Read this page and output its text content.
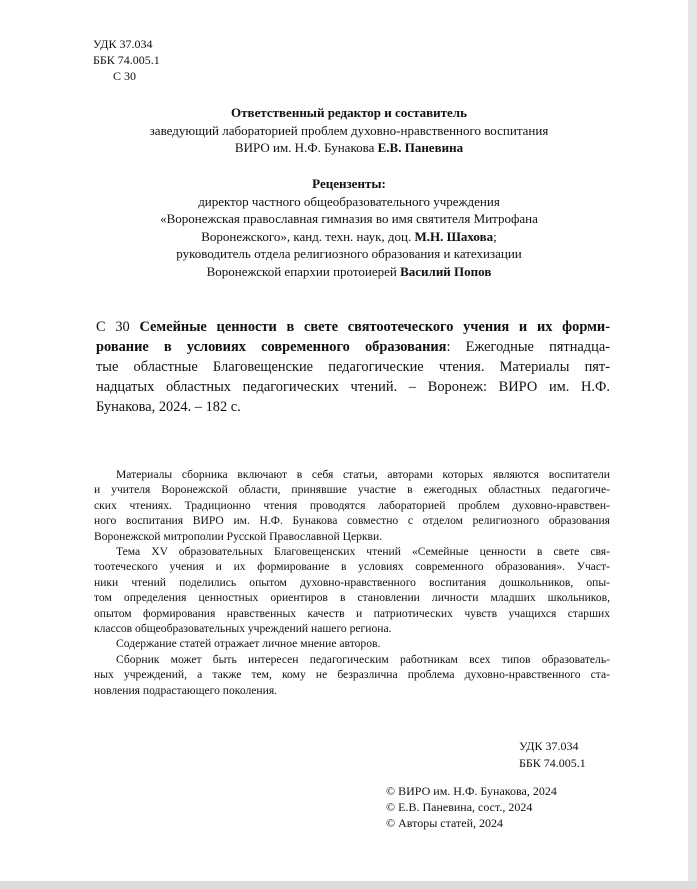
УДК 37.034
ББК 74.005.1
С 30
Ответственный редактор и составитель
заведующий лабораторией проблем духовно-нравственного воспитания
ВИРО им. Н.Ф. Бунакова Е.В. Паневина
Рецензенты:
директор частного общеобразовательного учреждения
«Воронежская православная гимназия во имя святителя Митрофана
Воронежского», канд. техн. наук, доц. М.Н. Шахова;
руководитель отдела религиозного образования и катехизации
Воронежской епархии протоиерей Василий Попов
С 30 Семейные ценности в свете святоотеческого учения и их форми-
рование в условиях современного образования: Ежегодные пятнадца-
тые областные Благовещенские педагогические чтения. Материалы пят-
надцатых областных педагогических чтений. – Воронеж: ВИРО им. Н.Ф.
Бунакова, 2024. – 182 с.
Материалы сборника включают в себя статьи, авторами которых являются воспитатели
и учителя Воронежской области, принявшие участие в ежегодных областных педагогиче-
ских чтениях. Традиционно чтения проводятся лабораторией проблем духовно-нравствен-
ного воспитания ВИРО им. Н.Ф. Бунакова совместно с отделом религиозного образования
Воронежской митрополии Русской Православной Церкви.
Тема XV образовательных Благовещенских чтений «Семейные ценности в свете свя-
тоотеческого учения и их формирование в условиях современного образования». Участ-
ники чтений поделились опытом духовно-нравственного воспитания дошкольников, опы-
том определения ценностных ориентиров в становлении личности младших школьников,
опытом формирования нравственных качеств и патриотических чувств учащихся старших
классов общеобразовательных учреждений нашего региона.
Содержание статей отражает личное мнение авторов.
Сборник может быть интересен педагогическим работникам всех типов образователь-
ных учреждений, а также тем, кому не безразлична проблема духовно-нравственного ста-
новления подрастающего поколения.
УДК 37.034
ББК 74.005.1
© ВИРО им. Н.Ф. Бунакова, 2024
© Е.В. Паневина, сост., 2024
© Авторы статей, 2024
